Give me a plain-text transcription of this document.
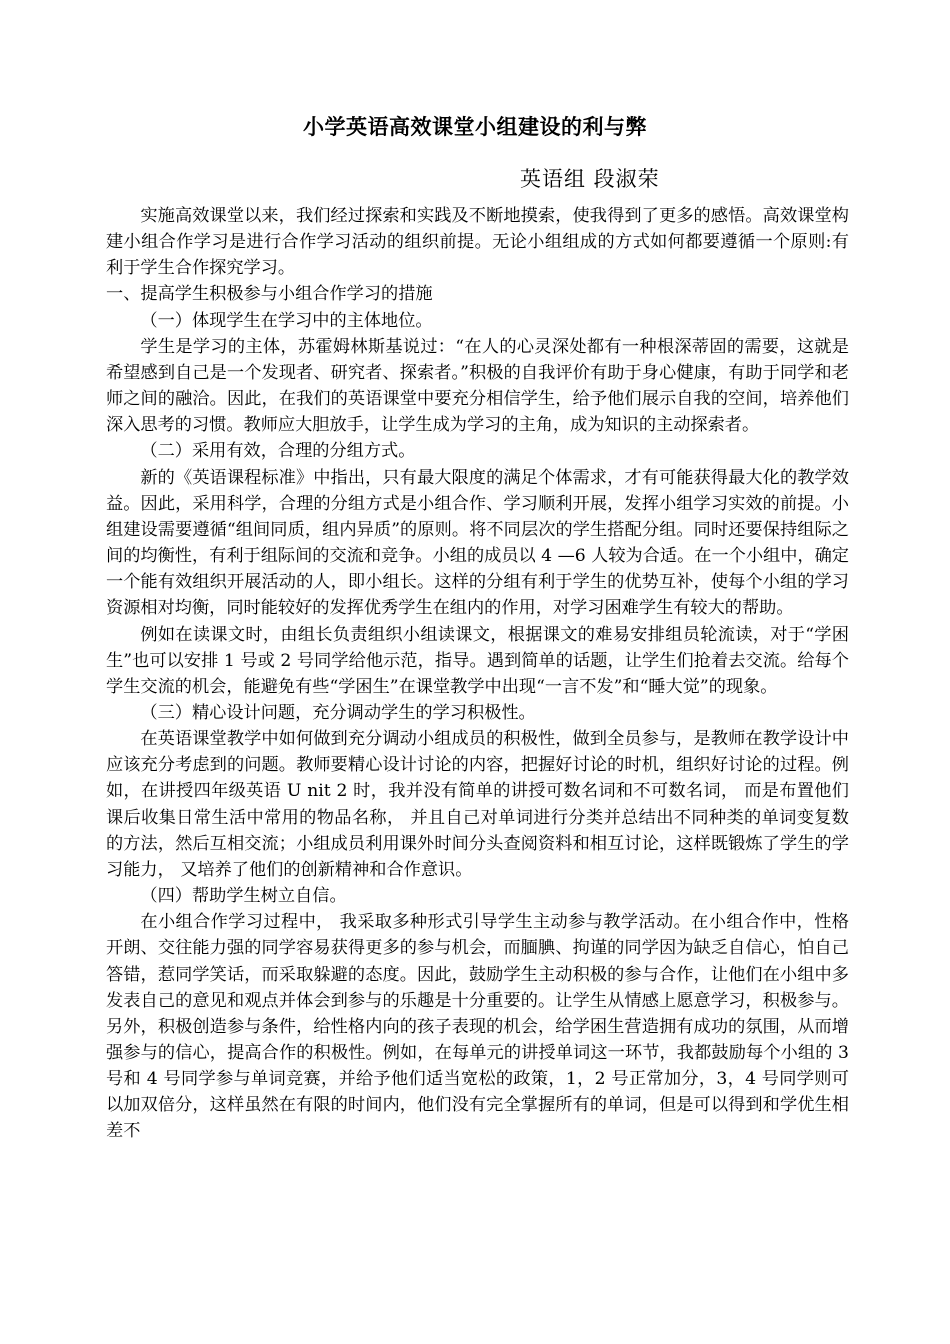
小学英语高效课堂小组建设的利与弊
英语组 段淑荣

实施高效课堂以来，我们经过探索和实践及不断地摸索，使我得到了更多的感悟。高效课堂构建小组合作学习是进行合作学习活动的组织前提。无论小组组成的方式如何都要遵循一个原则:有利于学生合作探究学习。

一、提高学生积极参与小组合作学习的措施

（一）体现学生在学习中的主体地位。

学生是学习的主体，苏霍姆林斯基说过：“在人的心灵深处都有一种根深蒂固的需要，这就是希望感到自己是一个发现者、研究者、探索者。”积极的自我评价有助于身心健康，有助于同学和老师之间的融洽。因此，在我们的英语课堂中要充分相信学生，给予他们展示自我的空间，培养他们深入思考的习惯。教师应大胆放手，让学生成为学习的主角，成为知识的主动探索者。

（二）采用有效，合理的分组方式。

新的《英语课程标准》中指出，只有最大限度的满足个体需求，才有可能获得最大化的教学效益。因此，采用科学，合理的分组方式是小组合作、学习顺利开展，发挥小组学习实效的前提。小组建设需要遵循“组间同质，组内异质”的原则。将不同层次的学生搭配分组。同时还要保持组际之间的均衡性，有利于组际间的交流和竞争。小组的成员以 4 —6 人较为合适。在一个小组中，确定一个能有效组织开展活动的人，即小组长。这样的分组有利于学生的优势互补，使每个小组的学习资源相对均衡，同时能较好的发挥优秀学生在组内的作用，对学习困难学生有较大的帮助。

例如在读课文时，由组长负责组织小组读课文，根据课文的难易安排组员轮流读，对于“学困生”也可以安排 1 号或 2 号同学给他示范，指导。遇到简单的话题，让学生们抢着去交流。给每个学生交流的机会，能避免有些“学困生”在课堂教学中出现“一言不发”和“睡大觉”的现象。

（三）精心设计问题，充分调动学生的学习积极性。

在英语课堂教学中如何做到充分调动小组成员的积极性，做到全员参与，是教师在教学设计中应该充分考虑到的问题。教师要精心设计讨论的内容，把握好讨论的时机，组织好讨论的过程。例如，在讲授四年级英语 U nit 2 时，我并没有简单的讲授可数名词和不可数名词， 而是布置他们课后收集日常生活中常用的物品名称， 并且自己对单词进行分类并总结出不同种类的单词变复数的方法，然后互相交流；小组成员利用课外时间分头查阅资料和相互讨论，这样既锻炼了学生的学习能力， 又培养了他们的创新精神和合作意识。

（四）帮助学生树立自信。

在小组合作学习过程中， 我采取多种形式引导学生主动参与教学活动。在小组合作中，性格开朗、交往能力强的同学容易获得更多的参与机会，而腼腆、拘谨的同学因为缺乏自信心，怕自己答错，惹同学笑话，而采取躲避的态度。因此，鼓励学生主动积极的参与合作，让他们在小组中多发表自己的意见和观点并体会到参与的乐趣是十分重要的。让学生从情感上愿意学习，积极参与。另外，积极创造参与条件，给性格内向的孩子表现的机会，给学困生营造拥有成功的氛围，从而增强参与的信心，提高合作的积极性。例如，在每单元的讲授单词这一环节，我都鼓励每个小组的 3 号和 4 号同学参与单词竞赛，并给予他们适当宽松的政策，1，2 号正常加分，3，4 号同学则可以加双倍分，这样虽然在有限的时间内，他们没有完全掌握所有的单词，但是可以得到和学优生相差不
